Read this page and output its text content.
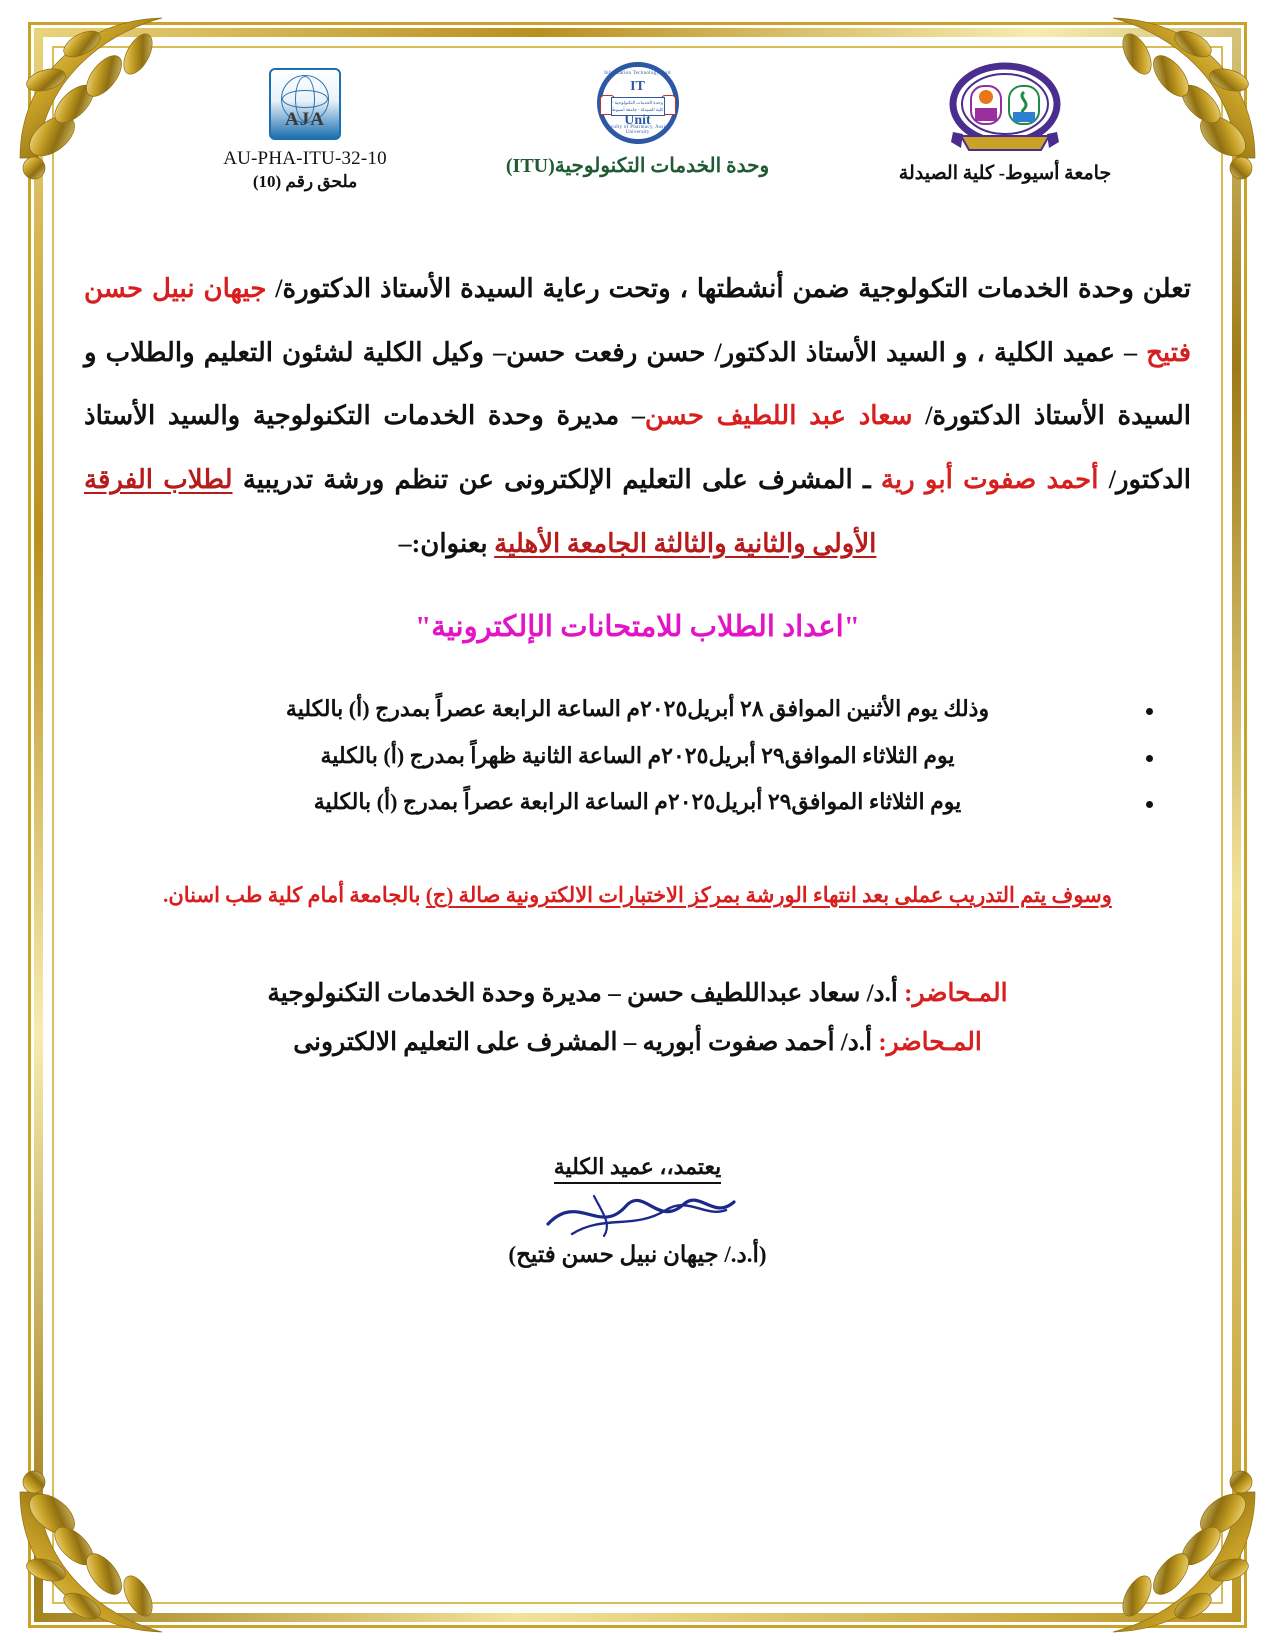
AJA
AU-PHA-ITU-32-10
ملحق رقم (10)
Information Technology Unit
IT
وحدة الخدمات التكنولوجية - كلية الصيدلة - جامعة أسيوط
Unit
Faculty of Pharmacy, Assiut University
وحدة الخدمات التكنولوجية(ITU)	جامعة أسيوط- كلية الصيدلة
تعلن وحدة الخدمات التكولوجية ضمن أنشطتها ، وتحت رعاية السيدة الأستاذ الدكتورة/ جيهان نبيل حسن فتيح – عميد الكلية ، و السيد الأستاذ الدكتور/ حسن رفعت حسن– وكيل الكلية لشئون التعليم والطلاب و السيدة الأستاذ الدكتورة/ سعاد عبد اللطيف حسن– مديرة وحدة الخدمات التكنولوجية والسيد الأستاذ الدكتور/ أحمد صفوت أبو رية ـ المشرف على التعليم الإلكترونى عن تنظم ورشة تدريبية لطلاب الفرقة الأولى والثانية والثالثة الجامعة الأهلية بعنوان:–
"اعداد الطلاب للامتحانات الإلكترونية"
وذلك يوم الأثنين الموافق ٢٨ أبريل٢٠٢٥م الساعة الرابعة عصراً بمدرج (أ) بالكلية
يوم الثلاثاء الموافق٢٩ أبريل٢٠٢٥م الساعة الثانية ظهراً بمدرج (أ) بالكلية
يوم الثلاثاء الموافق٢٩ أبريل٢٠٢٥م الساعة الرابعة عصراً بمدرج (أ) بالكلية
وسوف يتم التدريب عملى بعد انتهاء الورشة بمركز الاختبارات الالكترونية صالة (ج) بالجامعة أمام كلية طب اسنان.
المـحاضر: أ.د/ سعاد عبداللطيف حسن – مديرة وحدة الخدمات التكنولوجية
المـحاضر: أ.د/ أحمد صفوت أبوريه – المشرف على التعليم الالكترونى
يعتمد،، عميد الكلية
(أ.د./ جيهان نبيل حسن فتيح)
